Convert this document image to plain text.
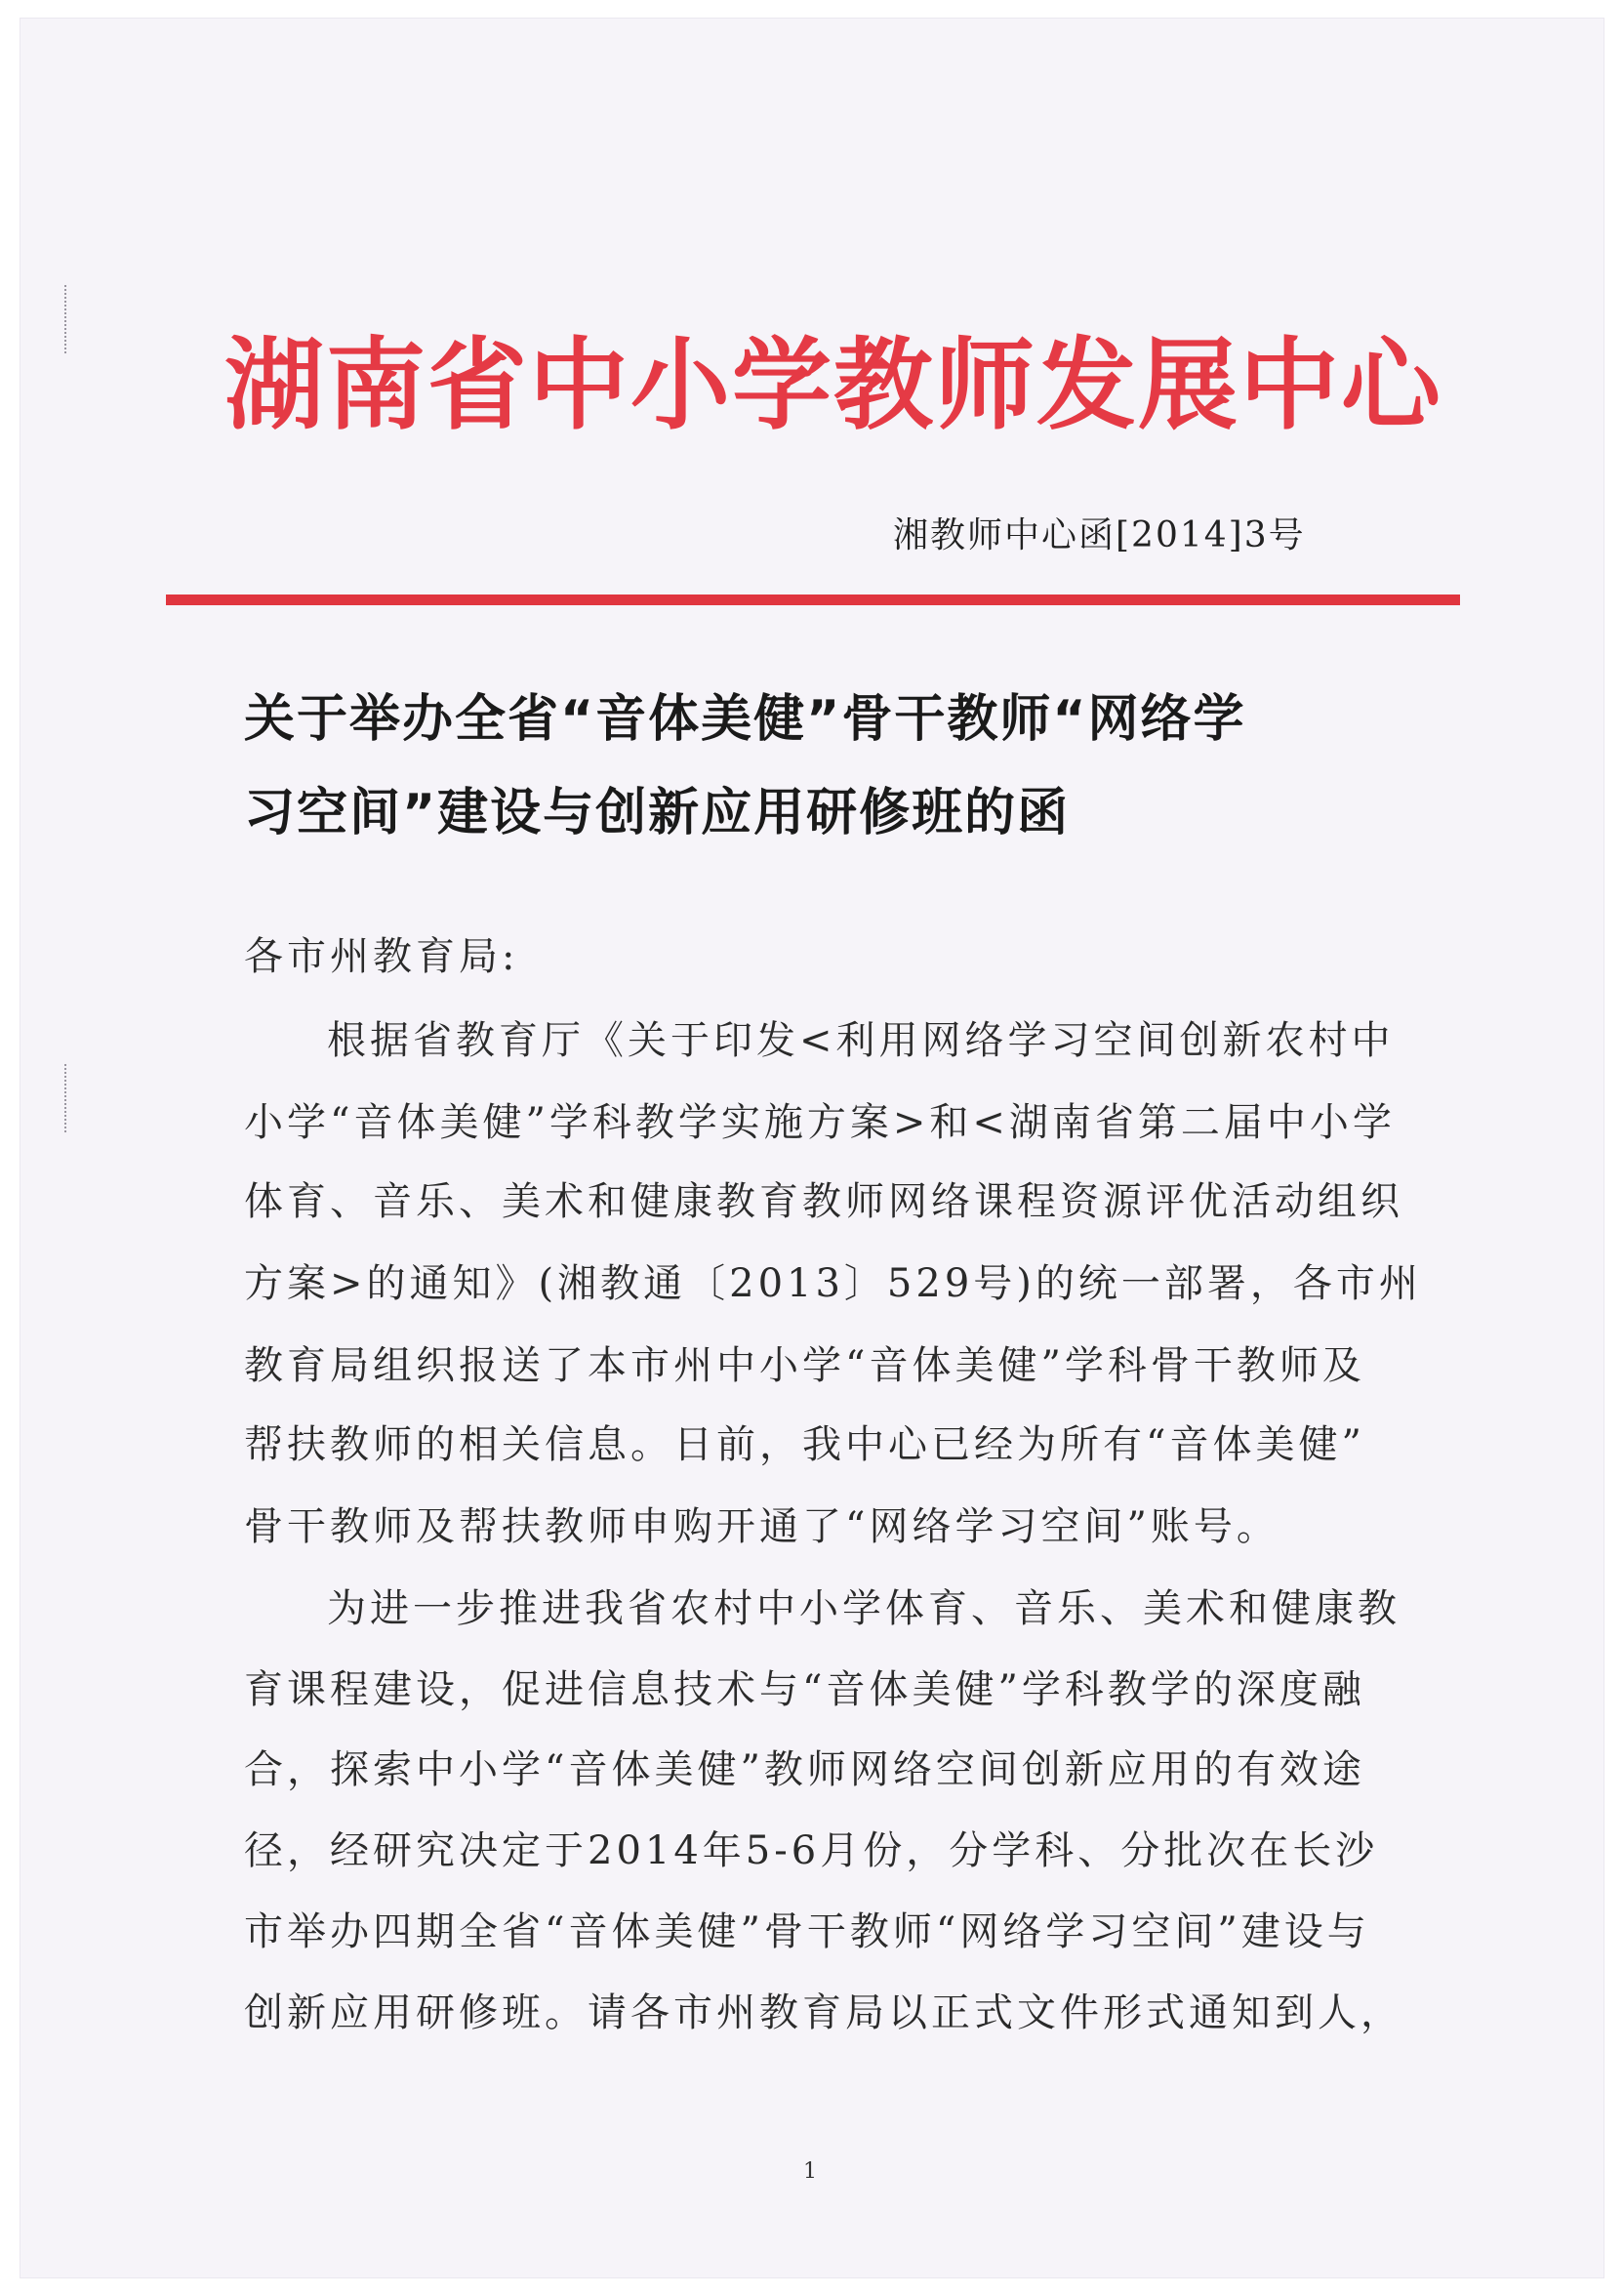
湖南省中小学教师发展中心
湘教师中心函[2014]3号
关于举办全省“音体美健”骨干教师“网络学
习空间”建设与创新应用研修班的函
各市州教育局:
根据省教育厅《关于印发<利用网络学习空间创新农村中
小学“音体美健”学科教学实施方案>和<湖南省第二届中小学
体育、音乐、美术和健康教育教师网络课程资源评优活动组织
方案>的通知》(湘教通〔2013〕529号)的统一部署，各市州
教育局组织报送了本市州中小学“音体美健”学科骨干教师及
帮扶教师的相关信息。日前，我中心已经为所有“音体美健”
骨干教师及帮扶教师申购开通了“网络学习空间”账号。
为进一步推进我省农村中小学体育、音乐、美术和健康教
育课程建设，促进信息技术与“音体美健”学科教学的深度融
合，探索中小学“音体美健”教师网络空间创新应用的有效途
径，经研究决定于2014年5-6月份，分学科、分批次在长沙
市举办四期全省“音体美健”骨干教师“网络学习空间”建设与
创新应用研修班。请各市州教育局以正式文件形式通知到人，
1
